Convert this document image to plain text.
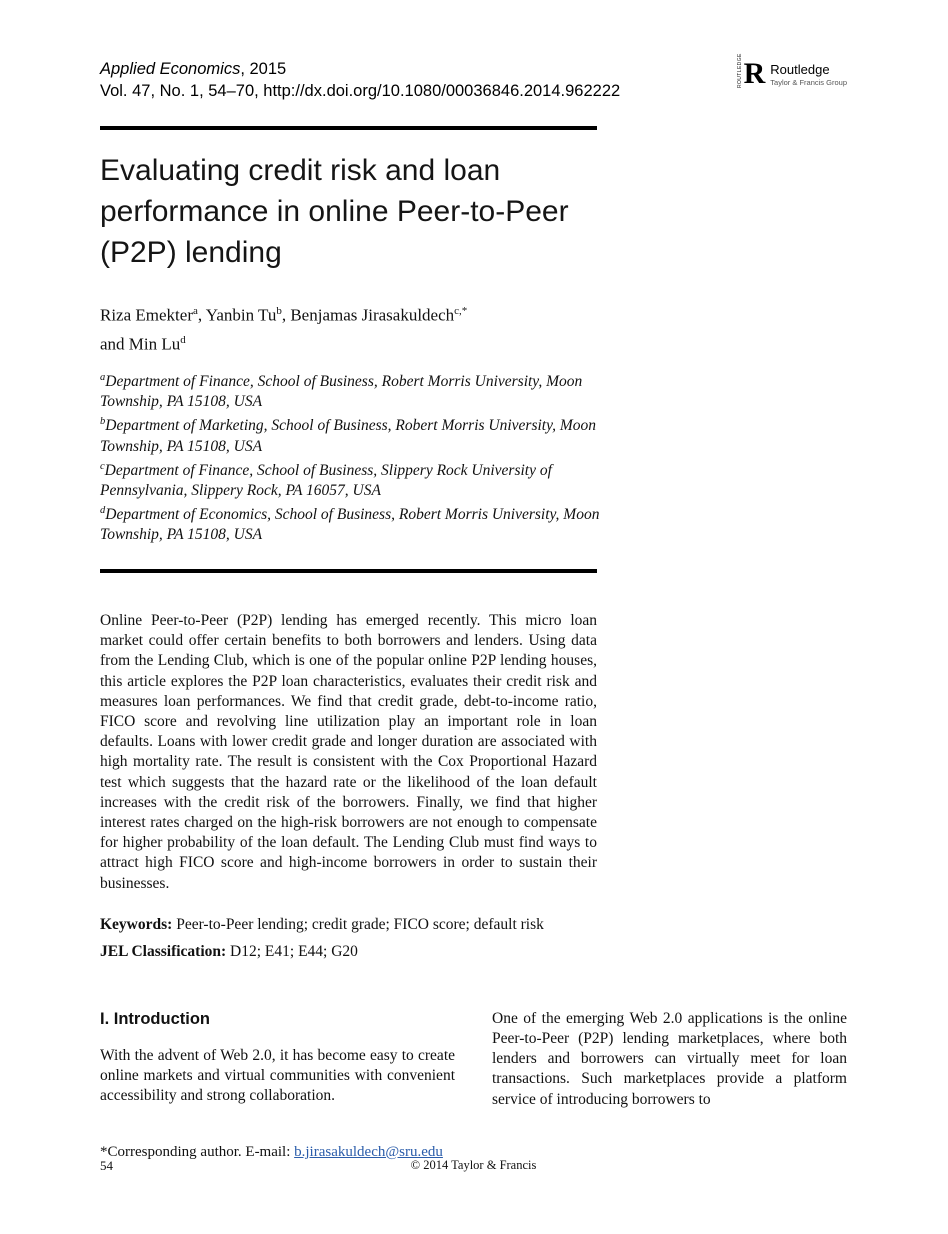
Applied Economics, 2015
Vol. 47, No. 1, 54–70, http://dx.doi.org/10.1080/00036846.2014.962222
ROUTLEDGE R Routledge
Taylor & Francis Group
Evaluating credit risk and loan performance in online Peer-to-Peer (P2P) lending
Riza Emekter$^a$, Yanbin Tu$^b$, Benjamas Jirasakuldech$^{c,*}$
and Min Lu$^d$
$^a$Department of Finance, School of Business, Robert Morris University, Moon Township, PA 15108, USA
$^b$Department of Marketing, School of Business, Robert Morris University, Moon Township, PA 15108, USA
$^c$Department of Finance, School of Business, Slippery Rock University of Pennsylvania, Slippery Rock, PA 16057, USA
$^d$Department of Economics, School of Business, Robert Morris University, Moon Township, PA 15108, USA

Online Peer-to-Peer (P2P) lending has emerged recently. This micro loan market could offer certain benefits to both borrowers and lenders. Using data from the Lending Club, which is one of the popular online P2P lending houses, this article explores the P2P loan characteristics, evaluates their credit risk and measures loan performances. We find that credit grade, debt-to-income ratio, FICO score and revolving line utilization play an important role in loan defaults. Loans with lower credit grade and longer duration are associated with high mortality rate. The result is consistent with the Cox Proportional Hazard test which suggests that the hazard rate or the likelihood of the loan default increases with the credit risk of the borrowers. Finally, we find that higher interest rates charged on the high-risk borrowers are not enough to compensate for higher probability of the loan default. The Lending Club must find ways to attract high FICO score and high-income borrowers in order to sustain their businesses.

Keywords: Peer-to-Peer lending; credit grade; FICO score; default risk

JEL Classification: D12; E41; E44; G20

I. Introduction

With the advent of Web 2.0, it has become easy to create online markets and virtual communities with convenient accessibility and strong collaboration.

One of the emerging Web 2.0 applications is the online Peer-to-Peer (P2P) lending marketplaces, where both lenders and borrowers can virtually meet for loan transactions. Such marketplaces provide a platform service of introducing borrowers to

*Corresponding author. E-mail: b.jirasakuldech@sru.edu
54	© 2014 Taylor & Francis
